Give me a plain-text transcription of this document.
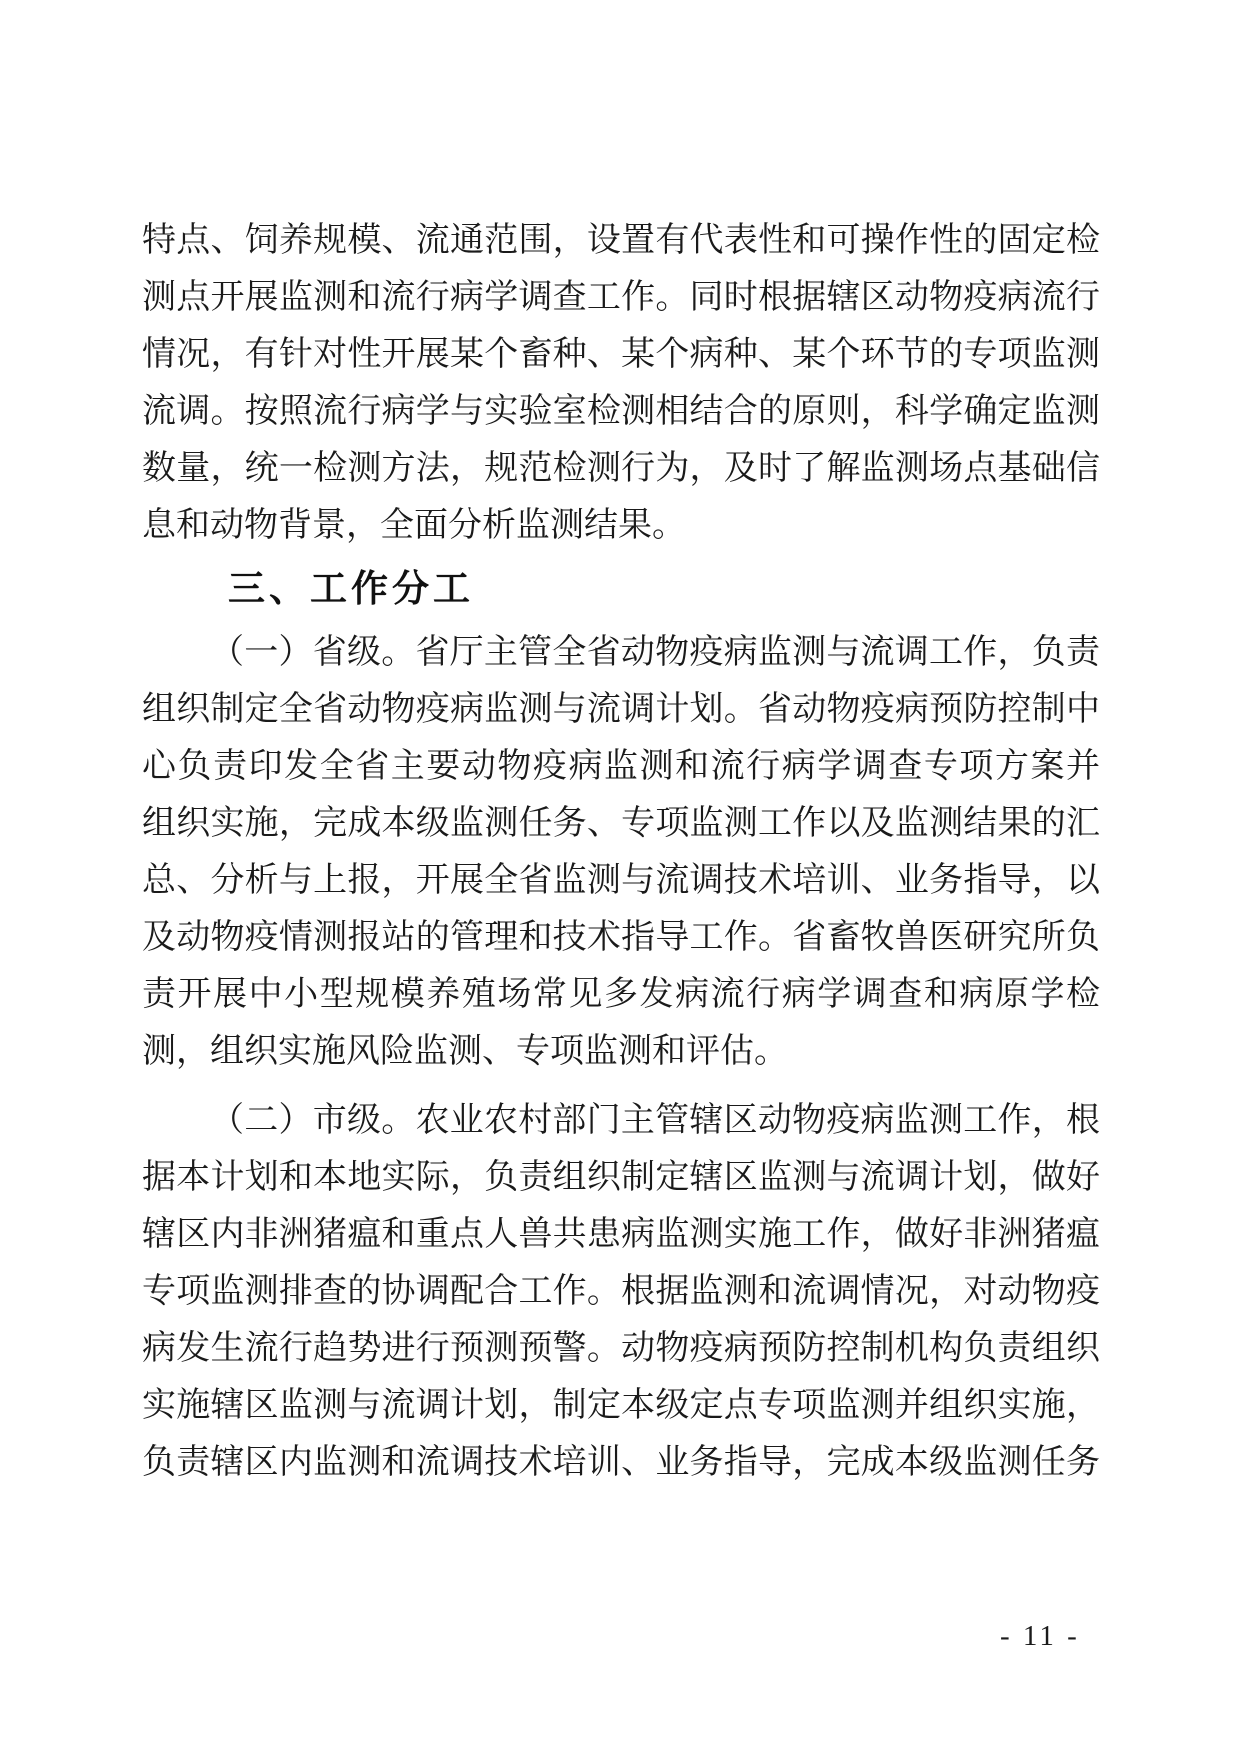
特点、饲养规模、流通范围，设置有代表性和可操作性的固定检
测点开展监测和流行病学调查工作。同时根据辖区动物疫病流行
情况，有针对性开展某个畜种、某个病种、某个环节的专项监测
流调。按照流行病学与实验室检测相结合的原则，科学确定监测
数量，统一检测方法，规范检测行为，及时了解监测场点基础信
息和动物背景，全面分析监测结果。
三、工作分工
（一）省级。省厅主管全省动物疫病监测与流调工作，负责
组织制定全省动物疫病监测与流调计划。省动物疫病预防控制中
心负责印发全省主要动物疫病监测和流行病学调查专项方案并
组织实施，完成本级监测任务、专项监测工作以及监测结果的汇
总、分析与上报，开展全省监测与流调技术培训、业务指导，以
及动物疫情测报站的管理和技术指导工作。省畜牧兽医研究所负
责开展中小型规模养殖场常见多发病流行病学调查和病原学检
测，组织实施风险监测、专项监测和评估。
（二）市级。农业农村部门主管辖区动物疫病监测工作，根
据本计划和本地实际，负责组织制定辖区监测与流调计划，做好
辖区内非洲猪瘟和重点人兽共患病监测实施工作，做好非洲猪瘟
专项监测排查的协调配合工作。根据监测和流调情况，对动物疫
病发生流行趋势进行预测预警。动物疫病预防控制机构负责组织
实施辖区监测与流调计划，制定本级定点专项监测并组织实施，
负责辖区内监测和流调技术培训、业务指导，完成本级监测任务
- 11 -
